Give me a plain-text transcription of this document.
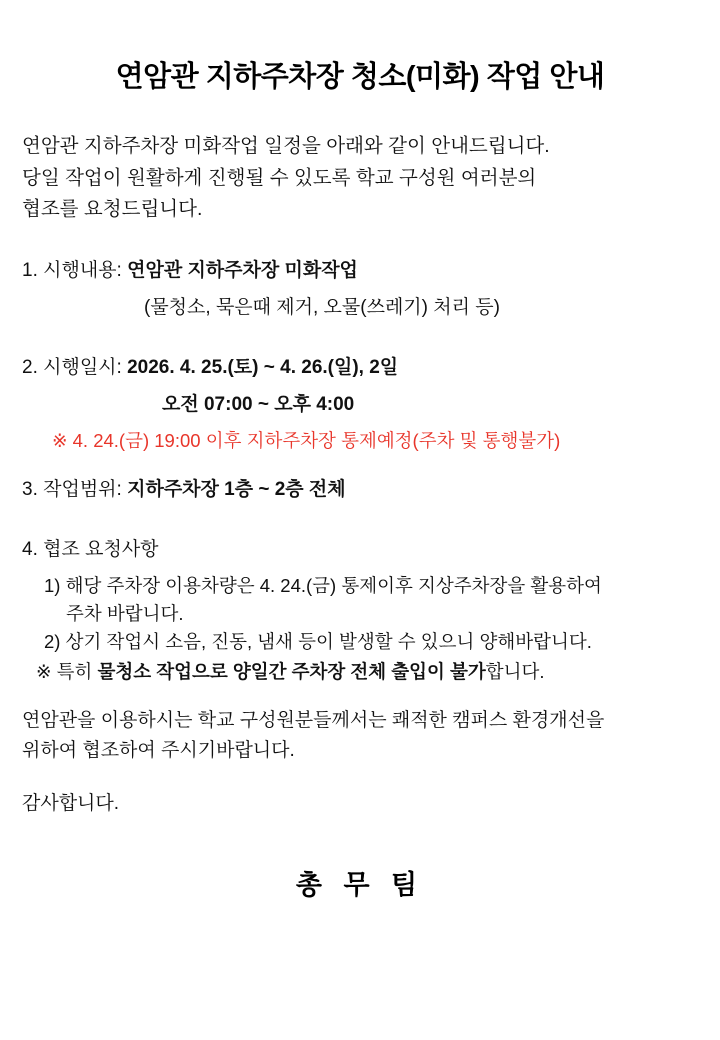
연암관 지하주차장 청소(미화) 작업 안내
연암관 지하주차장 미화작업 일정을 아래와 같이 안내드립니다.
당일 작업이 원활하게 진행될 수 있도록 학교 구성원 여러분의
협조를 요청드립니다.
1. 시행내용: 연암관 지하주차장 미화작업
(물청소, 묵은때 제거, 오물(쓰레기) 처리 등)
2. 시행일시: 2026. 4. 25.(토) ~ 4. 26.(일), 2일
오전 07:00 ~ 오후 4:00
※ 4. 24.(금) 19:00 이후 지하주차장 통제예정(주차 및 통행불가)
3. 작업범위: 지하주차장 1층 ~ 2층 전체
4. 협조 요청사항
1) 해당 주차장 이용차량은 4. 24.(금) 통제이후 지상주차장을 활용하여
주차 바랍니다.
2) 상기 작업시 소음, 진동, 냄새 등이 발생할 수 있으니 양해바랍니다.
※ 특히 물청소 작업으로 양일간 주차장 전체 출입이 불가합니다.
연암관을 이용하시는 학교 구성원분들께서는 쾌적한 캠퍼스 환경개선을
위하여 협조하여 주시기바랍니다.
감사합니다.
총 무 팀
